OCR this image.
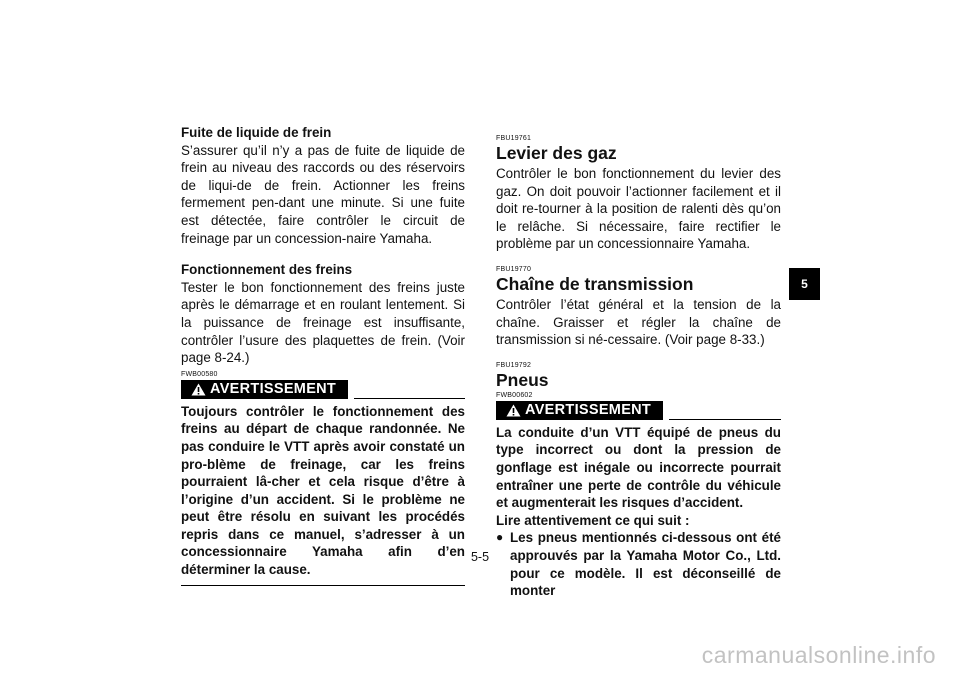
Fuite de liquide de frein

S’assurer qu’il n’y a pas de fuite de liquide de frein au niveau des raccords ou des réservoirs de liqui-de de frein. Actionner les freins fermement pen-dant une minute. Si une fuite est détectée, faire contrôler le circuit de freinage par un concession-naire Yamaha.

Fonctionnement des freins

Tester le bon fonctionnement des freins juste après le démarrage et en roulant lentement. Si la puissance de freinage est insuffisante, contrôler l’usure des plaquettes de frein. (Voir page 8-24.)

FWB00580

AVERTISSEMENT

Toujours contrôler le fonctionnement des freins au départ de chaque randonnée. Ne pas conduire le VTT après avoir constaté un pro-blème de freinage, car les freins pourraient lâ-cher et cela risque d’être à l’origine d’un accident. Si le problème ne peut être résolu en suivant les procédés repris dans ce manuel, s’adresser à un concessionnaire Yamaha afin d’en déterminer la cause.

FBU19761

Levier des gaz

Contrôler le bon fonctionnement du levier des gaz. On doit pouvoir l’actionner facilement et il doit re-tourner à la position de ralenti dès qu’on le relâche. Si nécessaire, faire rectifier le problème par un concessionnaire Yamaha.

FBU19770

Chaîne de transmission

Contrôler l’état général et la tension de la chaîne. Graisser et régler la chaîne de transmission si né-cessaire. (Voir page 8-33.)

FBU19792

Pneus

FWB00602

AVERTISSEMENT

La conduite d’un VTT équipé de pneus du type incorrect ou dont la pression de gonflage est inégale ou incorrecte pourrait entraîner une perte de contrôle du véhicule et augmenterait les risques d’accident.

Lire attentivement ce qui suit :

● Les pneus mentionnés ci-dessous ont été approuvés par la Yamaha Motor Co., Ltd. pour ce modèle. Il est déconseillé de monter
5
5-5
carmanualsonline.info
